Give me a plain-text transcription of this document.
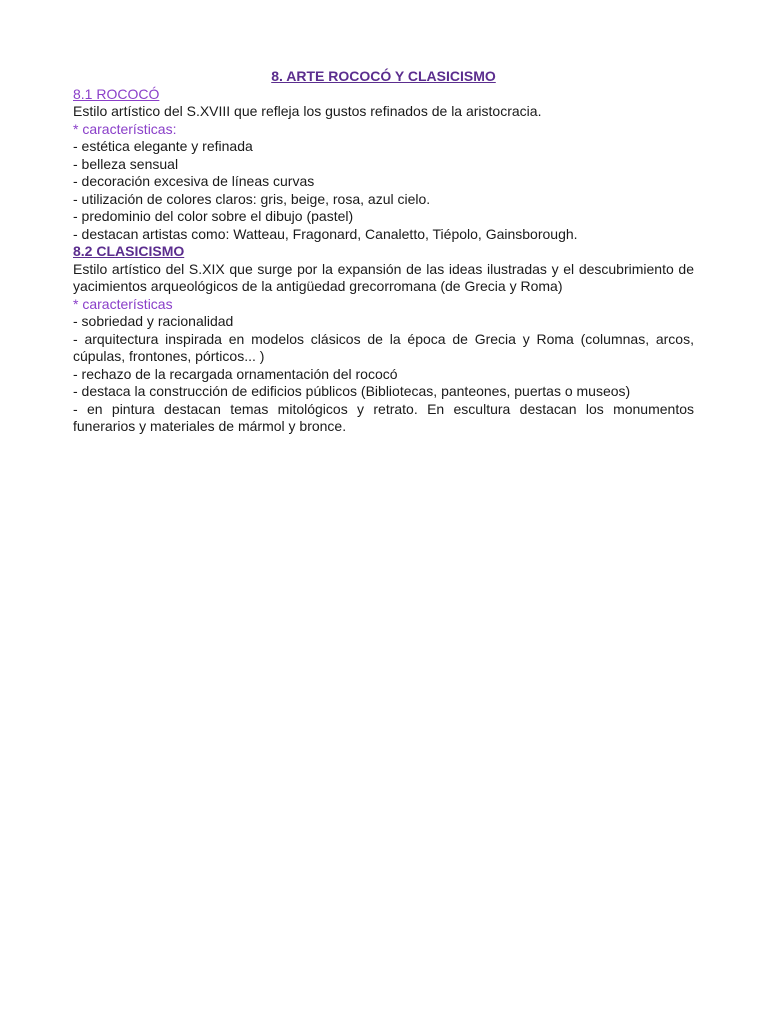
8. ARTE ROCOCÓ Y CLASICISMO
8.1 ROCOCÓ

Estilo artístico del S.XVIII que refleja los gustos refinados de la aristocracia.

* características:

- estética elegante y refinada

- belleza sensual

- decoración excesiva de líneas curvas

- utilización de colores claros: gris, beige, rosa, azul cielo.

- predominio del color sobre el dibujo (pastel)

- destacan artistas como: Watteau, Fragonard, Canaletto, Tiépolo, Gainsborough.

8.2 CLASICISMO

Estilo artístico del S.XIX que surge por la expansión de las ideas ilustradas y el descubrimiento de yacimientos arqueológicos de la antigüedad grecorromana (de Grecia y Roma)

* características

- sobriedad y racionalidad

- arquitectura inspirada en modelos clásicos de la época de Grecia y Roma (columnas, arcos, cúpulas, frontones, pórticos... )

- rechazo de la recargada ornamentación del rococó

- destaca la construcción de edificios públicos (Bibliotecas, panteones, puertas o museos)

- en pintura destacan temas mitológicos y retrato. En escultura destacan los monumentos funerarios y materiales de mármol y bronce.
